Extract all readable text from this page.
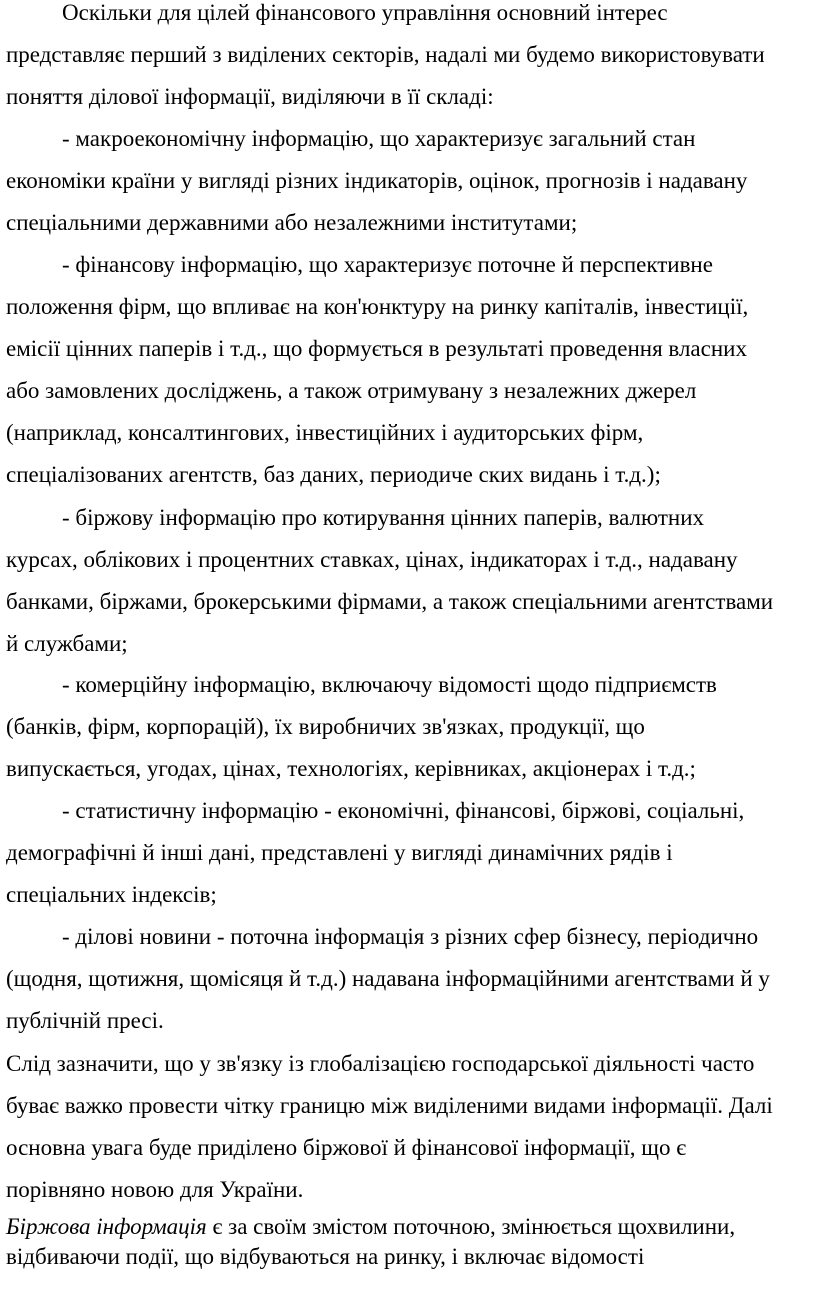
Оскільки для цілей фінансового управління основний інтерес
представляє перший з виділених секторів, надалі ми будемо використовувати
поняття ділової інформації, виділяючи в її складі:

- макроекономічну інформацію, що характеризує загальний стан
економіки країни у вигляді різних індикаторів, оцінок, прогнозів і надавану
спеціальними державними або незалежними інститутами;

- фінансову інформацію, що характеризує поточне й перспективне
положення фірм, що впливає на кон'юнктуру на ринку капіталів, інвестиції,
емісії цінних паперів і т.д., що формується в результаті проведення власних
або замовлених досліджень, а також отримувану з незалежних джерел
(наприклад, консалтингових, інвестиційних і аудиторських фірм,
спеціалізованих агентств, баз даних, периодиче ских видань і т.д.);

- біржову інформацію про котирування цінних паперів, валютних
курсах, облікових і процентних ставках, цінах, індикаторах і т.д., надавану
банками, біржами, брокерськими фірмами, а також спеціальними агентствами
й службами;

- комерційну інформацію, включаючу відомості щодо підприємств
(банків, фірм, корпорацій), їх виробничих зв'язках, продукції, що
випускається, угодах, цінах, технологіях, керівниках, акціонерах і т.д.;

- статистичну інформацію - економічні, фінансові, біржові, соціальні,
демографічні й інші дані, представлені у вигляді динамічних рядів і
спеціальних індексів;

- ділові новини - поточна інформація з різних сфер бізнесу, періодично
(щодня, щотижня, щомісяця й т.д.) надавана інформаційними агентствами й у
публічній пресі.

Слід зазначити, що у зв'язку із глобалізацією господарської діяльності часто
буває важко провести чітку границю між виділеними видами інформації. Далі
основна увага буде приділено біржової й фінансової інформації, що є
порівняно новою для України.

Біржова інформація є за своїм змістом поточною, змінюється щохвилини,
відбиваючи події, що відбуваються на ринку, і включає відомості
